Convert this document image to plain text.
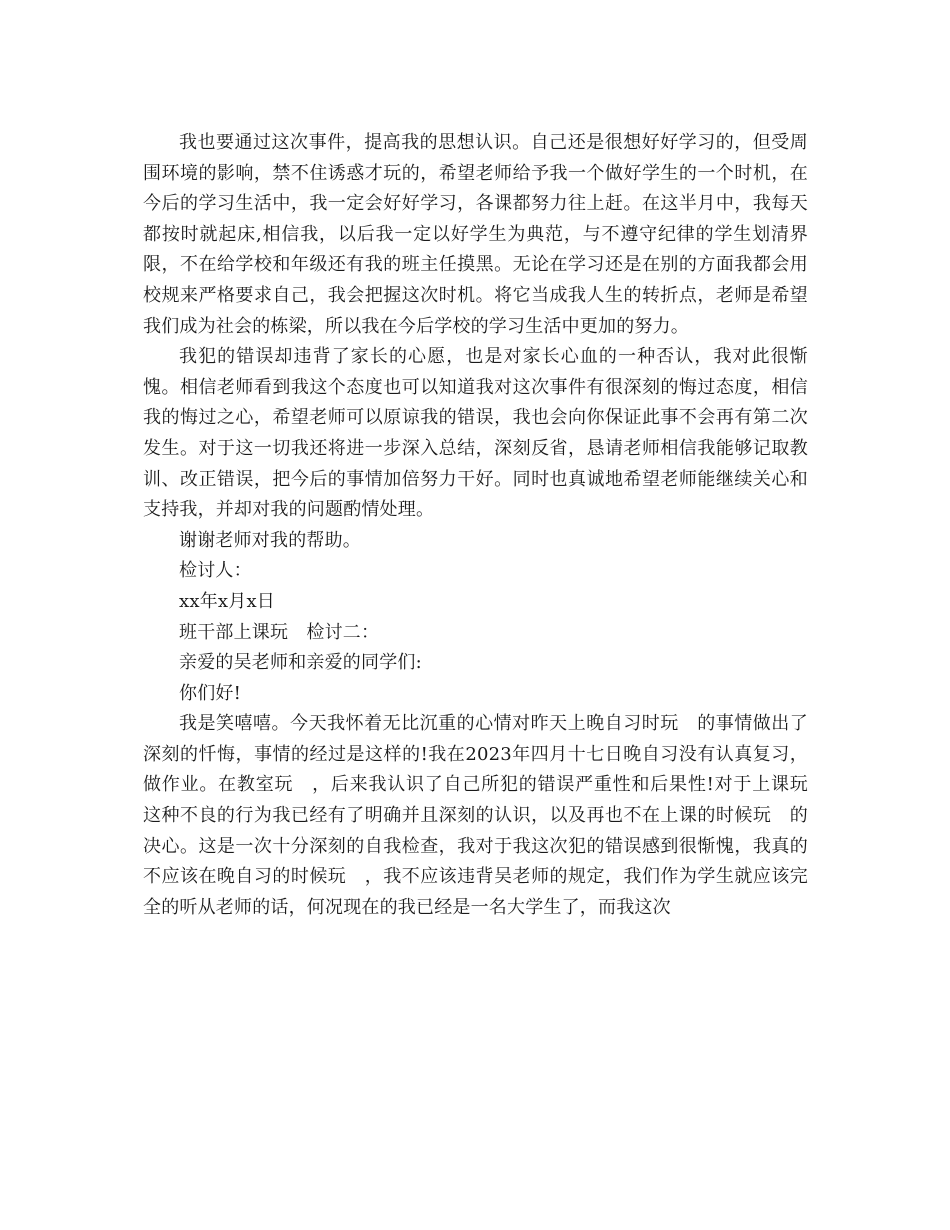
我也要通过这次事件，提高我的思想认识。自己还是很想好好学习的，但受周围环境的影响，禁不住诱惑才玩的，希望老师给予我一个做好学生的一个时机，在今后的学习生活中，我一定会好好学习，各课都努力往上赶。在这半月中，我每天都按时就起床,相信我，以后我一定以好学生为典范，与不遵守纪律的学生划清界限，不在给学校和年级还有我的班主任摸黑。无论在学习还是在别的方面我都会用校规来严格要求自己，我会把握这次时机。将它当成我人生的转折点，老师是希望我们成为社会的栋梁，所以我在今后学校的学习生活中更加的努力。

我犯的错误却违背了家长的心愿，也是对家长心血的一种否认，我对此很惭愧。相信老师看到我这个态度也可以知道我对这次事件有很深刻的悔过态度，相信我的悔过之心，希望老师可以原谅我的错误，我也会向你保证此事不会再有第二次发生。对于这一切我还将进一步深入总结，深刻反省，恳请老师相信我能够记取教训、改正错误，把今后的事情加倍努力干好。同时也真诚地希望老师能继续关心和支持我，并却对我的问题酌情处理。

谢谢老师对我的帮助。

检讨人：

xx年x月x日

班干部上课玩　检讨二：

亲爱的吴老师和亲爱的同学们:

你们好!

我是笑嘻嘻。今天我怀着无比沉重的心情对昨天上晚自习时玩　的事情做出了深刻的忏悔，事情的经过是这样的!我在2023年四月十七日晚自习没有认真复习，做作业。在教室玩　，后来我认识了自己所犯的错误严重性和后果性!对于上课玩　这种不良的行为我已经有了明确并且深刻的认识，以及再也不在上课的时候玩　的决心。这是一次十分深刻的自我检查，我对于我这次犯的错误感到很惭愧，我真的不应该在晚自习的时候玩　，我不应该违背吴老师的规定，我们作为学生就应该完全的听从老师的话，何况现在的我已经是一名大学生了，而我这次
